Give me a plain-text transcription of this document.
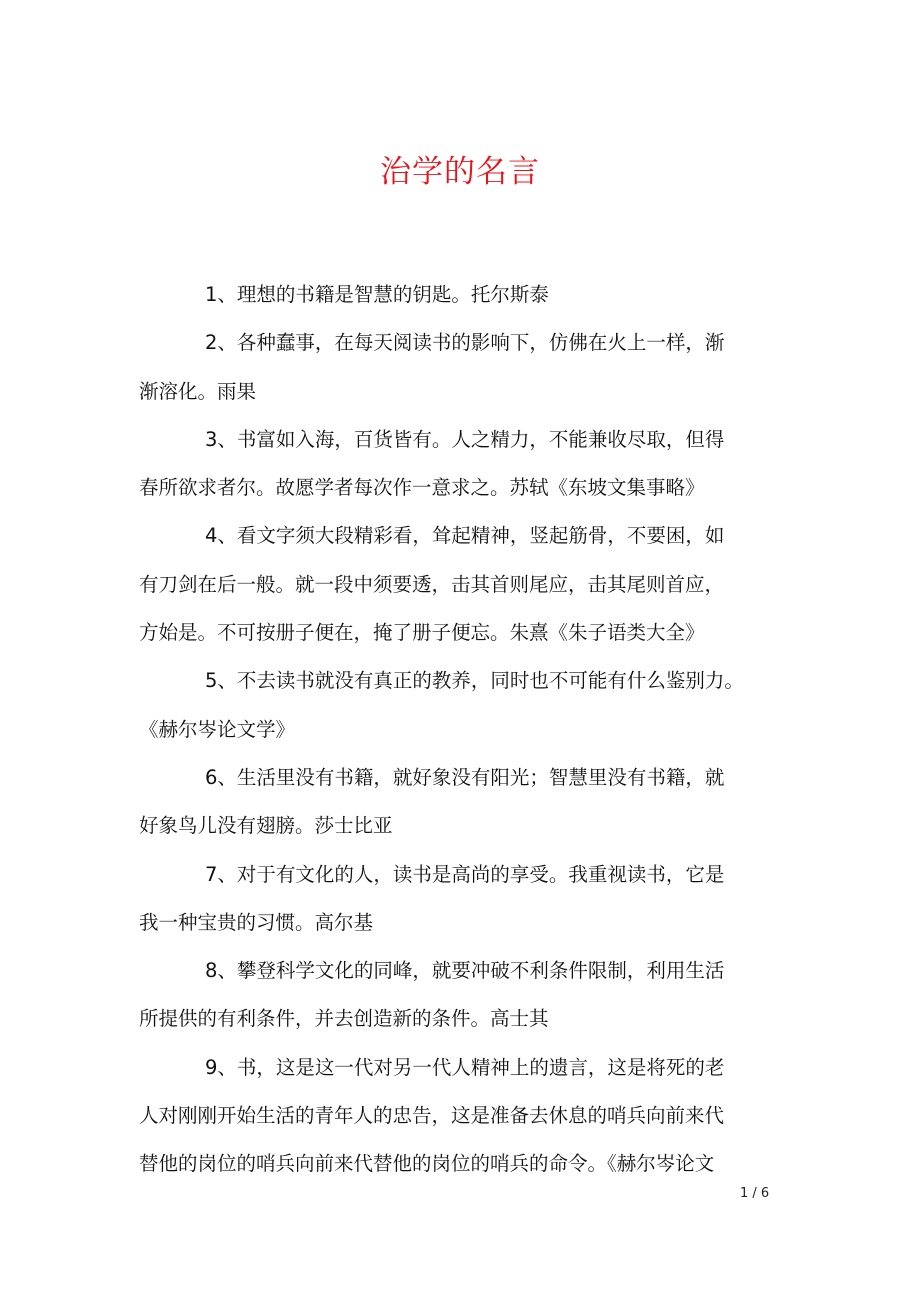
治学的名言
1、理想的书籍是智慧的钥匙。托尔斯泰
2、各种蠢事，在每天阅读书的影响下，仿佛在火上一样，渐
渐溶化。雨果
3、书富如入海，百货皆有。人之精力，不能兼收尽取，但得
春所欲求者尔。故愿学者每次作一意求之。苏轼《东坡文集事略》
4、看文字须大段精彩看，耸起精神，竖起筋骨，不要困，如
有刀剑在后一般。就一段中须要透，击其首则尾应，击其尾则首应，
方始是。不可按册子便在，掩了册子便忘。朱熹《朱子语类大全》
5、不去读书就没有真正的教养，同时也不可能有什么鉴别力。
《赫尔岑论文学》
6、生活里没有书籍，就好象没有阳光；智慧里没有书籍，就
好象鸟儿没有翅膀。莎士比亚
7、对于有文化的人，读书是高尚的享受。我重视读书，它是
我一种宝贵的习惯。高尔基
8、攀登科学文化的同峰，就要冲破不利条件限制，利用生活
所提供的有利条件，并去创造新的条件。高士其
9、书，这是这一代对另一代人精神上的遗言，这是将死的老
人对刚刚开始生活的青年人的忠告，这是准备去休息的哨兵向前来代
替他的岗位的哨兵向前来代替他的岗位的哨兵的命令。《赫尔岑论文
1 / 6
